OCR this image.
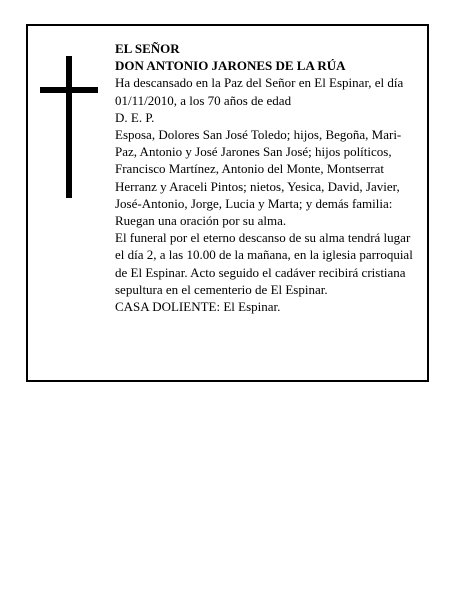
EL SEÑOR

DON ANTONIO JARONES DE LA RÚA

Ha descansado en la Paz del Señor en El Espinar, el día 01/11/2010, a los 70 años de edad

D. E. P.

Esposa, Dolores San José Toledo; hijos, Begoña, Mari-Paz, Antonio y José Jarones San José; hijos políticos, Francisco Martínez, Antonio del Monte, Montserrat Herranz y Araceli Pintos; nietos, Yesica, David, Javier, José-Antonio, Jorge, Lucia y Marta; y demás familia:

Ruegan una oración por su alma.

El funeral por el eterno descanso de su alma tendrá lugar el día 2, a las 10.00 de la mañana, en la iglesia parroquial de El Espinar. Acto seguido el cadáver recibirá cristiana sepultura en el cementerio de El Espinar.

CASA DOLIENTE: El Espinar.
